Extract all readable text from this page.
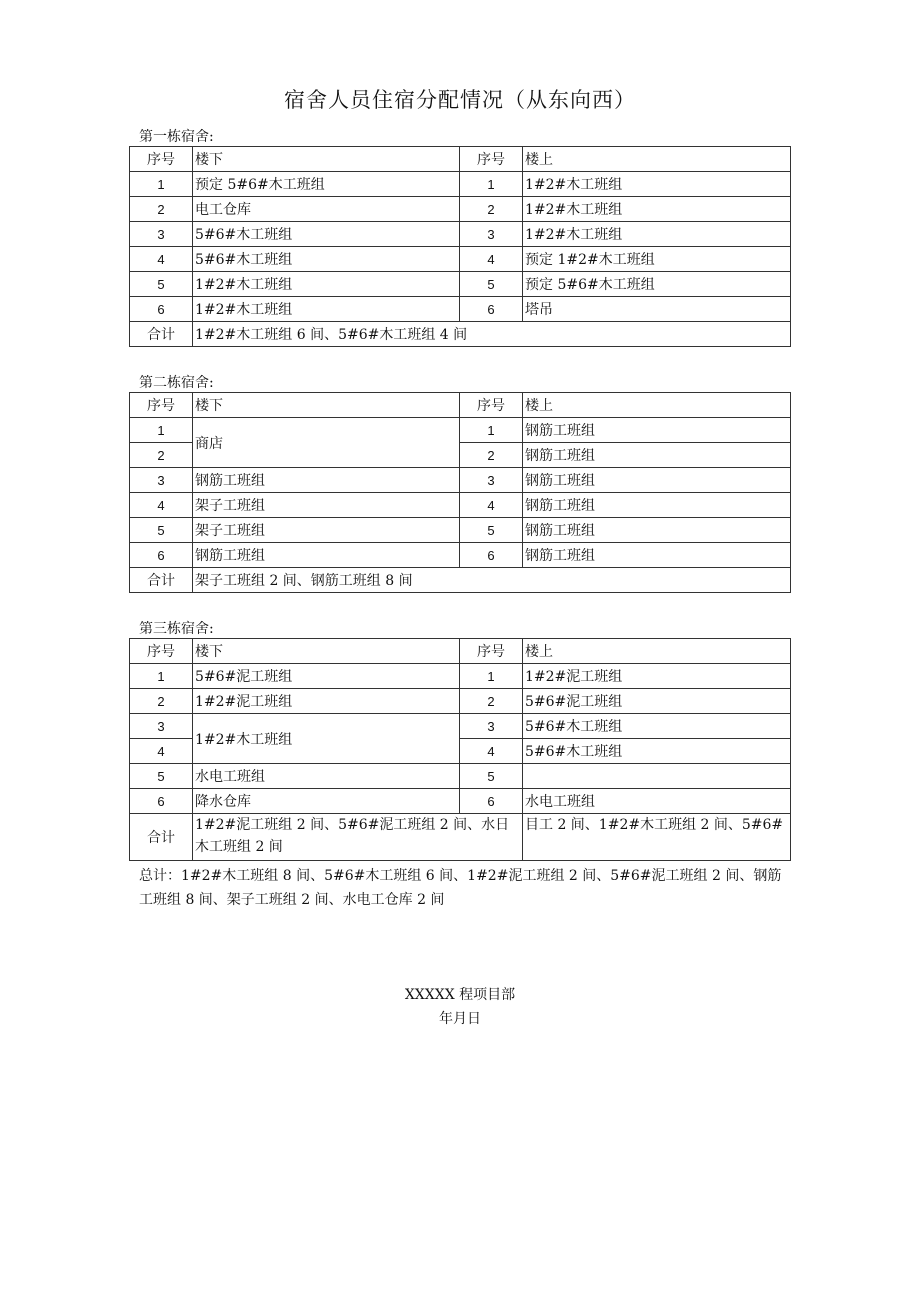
宿舍人员住宿分配情况（从东向西）
第一栋宿舍:
序号	楼下	序号	楼上
1	预定 5#6#木工班组	1	1#2#木工班组
2	电工仓库	2	1#2#木工班组
3	5#6#木工班组	3	1#2#木工班组
4	5#6#木工班组	4	预定 1#2#木工班组
5	1#2#木工班组	5	预定 5#6#木工班组
6	1#2#木工班组	6	塔吊
合计	1#2#木工班组 6 间、5#6#木工班组 4 间		
第二栋宿舍:
序号	楼下	序号	楼上
1	商店	1	钢筋工班组
2		2	钢筋工班组
3	钢筋工班组	3	钢筋工班组
4	架子工班组	4	钢筋工班组
5	架子工班组	5	钢筋工班组
6	钢筋工班组	6	钢筋工班组
合计	架子工班组 2 间、钢筋工班组 8 间		
第三栋宿舍:
序号	楼下	序号	楼上
1	5#6#泥工班组	1	1#2#泥工班组
2	1#2#泥工班组	2	5#6#泥工班组
3	1#2#木工班组	3	5#6#木工班组
4		4	5#6#木工班组
5	水电工班组	5	
6	降水仓库	6	水电工班组
合计	1#2#泥工班组 2 间、5#6#泥工班组 2 间、水日木工班组 2 间		目工 2 间、1#2#木工班组 2 间、5#6#
总计：1#2#木工班组 8 间、5#6#木工班组 6 间、1#2#泥工班组 2 间、5#6#泥工班组 2 间、钢筋工班组 8 间、架子工班组 2 间、水电工仓库 2 间
XXXXX 程项目部
年月日
